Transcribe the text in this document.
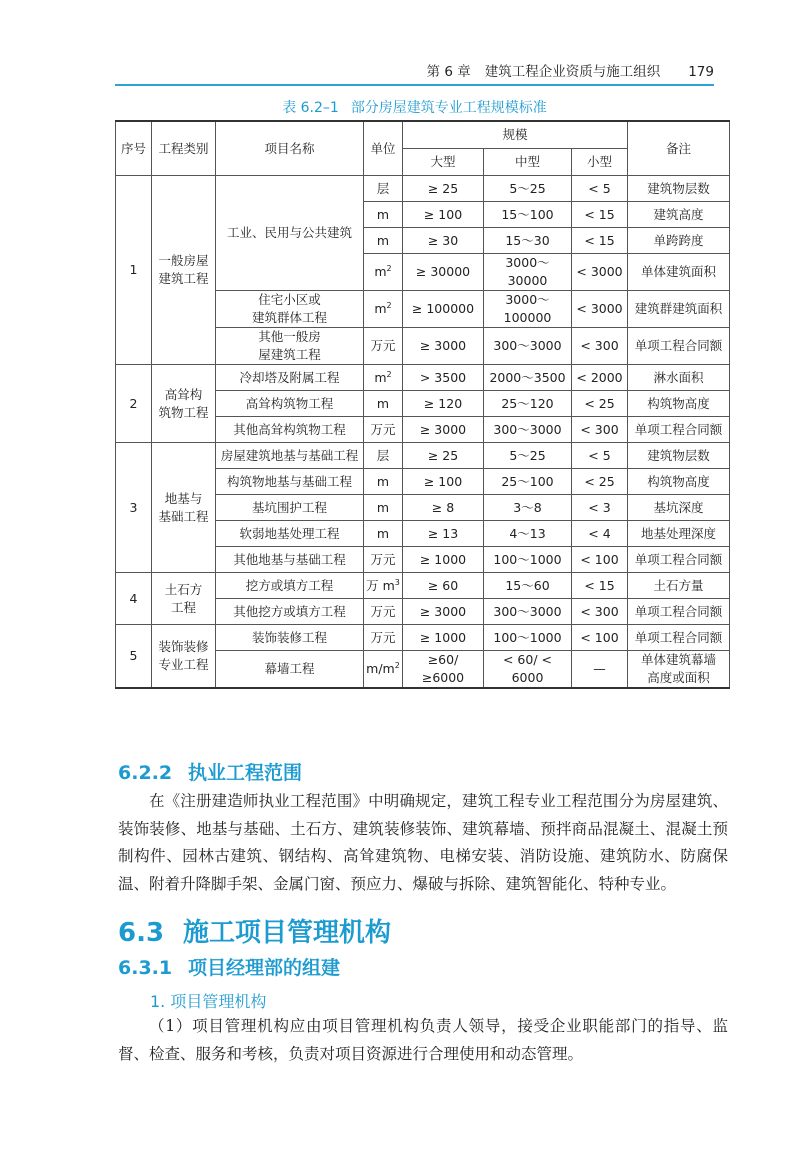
第 6 章 建筑工程企业资质与施工组织 179
表 6.2–1 部分房屋建筑专业工程规模标准
序号	工程类别	项目名称	单位	规模			备注
				大型	中型	小型	
1	一般房屋
建筑工程	工业、民用与公共建筑	层	≥ 25	5～25	< 5	建筑物层数
			m	≥ 100	15～100	< 15	建筑高度
			m	≥ 30	15～30	< 15	单跨跨度
			$m^2$	≥ 30000	3000～30000	< 3000	单体建筑面积
		住宅小区或
建筑群体工程	$m^2$	≥ 100000	3000～100000	< 3000	建筑群建筑面积
		其他一般房
屋建筑工程	万元	≥ 3000	300～3000	< 300	单项工程合同额
2	高耸构
筑物工程	冷却塔及附属工程	$m^2$	> 3500	2000～3500	< 2000	淋水面积
		高耸构筑物工程	m	≥ 120	25～120	< 25	构筑物高度
		其他高耸构筑物工程	万元	≥ 3000	300～3000	< 300	单项工程合同额
3	地基与
基础工程	房屋建筑地基与基础工程	层	≥ 25	5～25	< 5	建筑物层数
		构筑物地基与基础工程	m	≥ 100	25～100	< 25	构筑物高度
		基坑围护工程	m	≥ 8	3～8	< 3	基坑深度
		软弱地基处理工程	m	≥ 13	4～13	< 4	地基处理深度
		其他地基与基础工程	万元	≥ 1000	100～1000	< 100	单项工程合同额
4	土石方
工程	挖方或填方工程	万 $m^3$	≥ 60	15～60	< 15	土石方量
		其他挖方或填方工程	万元	≥ 3000	300～3000	< 300	单项工程合同额
5	装饰装修
专业工程	装饰装修工程	万元	≥ 1000	100～1000	< 100	单项工程合同额
		幕墙工程	$m/m^2$	≥60/ ≥6000	< 60/ < 6000	—	单体建筑幕墙
高度或面积
6.2.2 执业工程范围
在《注册建造师执业工程范围》中明确规定，建筑工程专业工程范围分为房屋建筑、装饰装修、地基与基础、土石方、建筑装修装饰、建筑幕墙、预拌商品混凝土、混凝土预制构件、园林古建筑、钢结构、高耸建筑物、电梯安装、消防设施、建筑防水、防腐保温、附着升降脚手架、金属门窗、预应力、爆破与拆除、建筑智能化、特种专业。
6.3 施工项目管理机构
6.3.1 项目经理部的组建
1. 项目管理机构
（1）项目管理机构应由项目管理机构负责人领导，接受企业职能部门的指导、监督、检查、服务和考核，负责对项目资源进行合理使用和动态管理。
